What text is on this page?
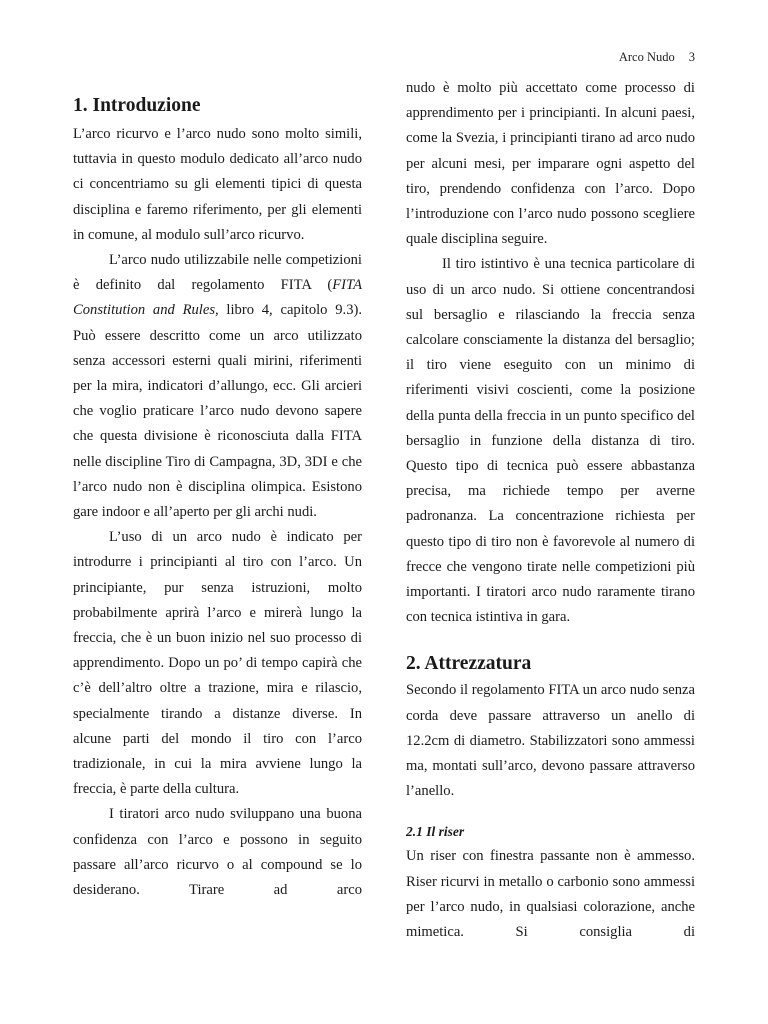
Arco Nudo 3
1. Introduzione

L’arco ricurvo e l’arco nudo sono molto simili, tuttavia in questo modulo dedicato all’arco nudo ci concentriamo su gli elementi tipici di questa disciplina e faremo riferimento, per gli elementi in comune, al modulo sull’arco ricurvo.

L’arco nudo utilizzabile nelle competizioni è definito dal regolamento FITA (FITA Constitution and Rules, libro 4, capitolo 9.3). Può essere descritto come un arco utilizzato senza accessori esterni quali mirini, riferimenti per la mira, indicatori d’allungo, ecc. Gli arcieri che voglio praticare l’arco nudo devono sapere che questa divisione è riconosciuta dalla FITA nelle discipline Tiro di Campagna, 3D, 3DI e che l’arco nudo non è disciplina olimpica. Esistono gare indoor e all’aperto per gli archi nudi.

L’uso di un arco nudo è indicato per introdurre i principianti al tiro con l’arco. Un principiante, pur senza istruzioni, molto probabilmente aprirà l’arco e mirerà lungo la freccia, che è un buon inizio nel suo processo di apprendimento. Dopo un po’ di tempo capirà che c’è dell’altro oltre a trazione, mira e rilascio, specialmente tirando a distanze diverse. In alcune parti del mondo il tiro con l’arco tradizionale, in cui la mira avviene lungo la freccia, è parte della cultura.

I tiratori arco nudo sviluppano una buona confidenza con l’arco e possono in seguito passare all’arco ricurvo o al compound se lo desiderano. Tirare ad arco

nudo è molto più accettato come processo di apprendimento per i principianti. In alcuni paesi, come la Svezia, i principianti tirano ad arco nudo per alcuni mesi, per imparare ogni aspetto del tiro, prendendo confidenza con l’arco. Dopo l’introduzione con l’arco nudo possono scegliere quale disciplina seguire.

Il tiro istintivo è una tecnica particolare di uso di un arco nudo. Si ottiene concentrandosi sul bersaglio e rilasciando la freccia senza calcolare consciamente la distanza del bersaglio; il tiro viene eseguito con un minimo di riferimenti visivi coscienti, come la posizione della punta della freccia in un punto specifico del bersaglio in funzione della distanza di tiro. Questo tipo di tecnica può essere abbastanza precisa, ma richiede tempo per averne padronanza. La concentrazione richiesta per questo tipo di tiro non è favorevole al numero di frecce che vengono tirate nelle competizioni più importanti. I tiratori arco nudo raramente tirano con tecnica istintiva in gara.

2. Attrezzatura

Secondo il regolamento FITA un arco nudo senza corda deve passare attraverso un anello di 12.2cm di diametro. Stabilizzatori sono ammessi ma, montati sull’arco, devono passare attraverso l’anello.

2.1 Il riser

Un riser con finestra passante non è ammesso. Riser ricurvi in metallo o carbonio sono ammessi per l’arco nudo, in qualsiasi colorazione, anche mimetica. Si consiglia di
